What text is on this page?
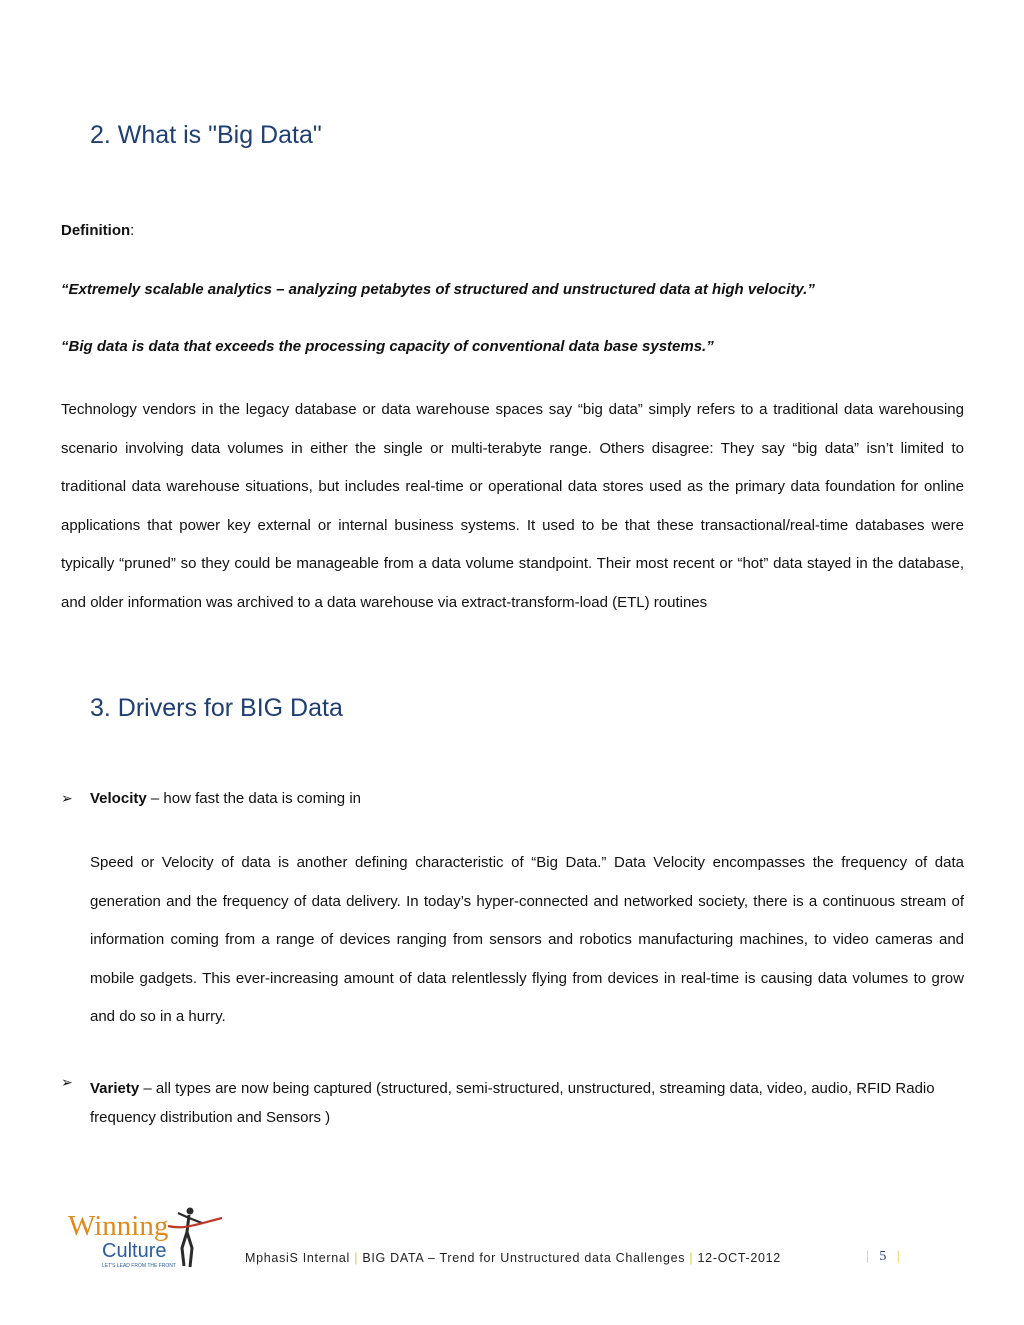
2. What is "Big Data"
Definition:
“Extremely scalable analytics – analyzing petabytes of structured and unstructured data at high velocity.”
“Big data is data that exceeds the processing capacity of conventional data base systems.”
Technology vendors in the legacy database or data warehouse spaces say “big data” simply refers to a traditional data warehousing scenario involving data volumes in either the single or multi-terabyte range. Others disagree: They say “big data” isn’t limited to traditional data warehouse situations, but includes real-time or operational data stores used as the primary data foundation for online applications that power key external or internal business systems. It used to be that these transactional/real-time databases were typically “pruned” so they could be manageable from a data volume standpoint. Their most recent or “hot” data stayed in the database, and older information was archived to a data warehouse via extract-transform-load (ETL) routines
3. Drivers for BIG Data
➢	Velocity – how fast the data is coming in
Speed or Velocity of data is another defining characteristic of “Big Data.” Data Velocity encompasses the frequency of data generation and the frequency of data delivery. In today’s hyper-connected and networked society, there is a continuous stream of information coming from a range of devices ranging from sensors and robotics manufacturing machines, to video cameras and mobile gadgets. This ever-increasing amount of data relentlessly flying from devices in real-time is causing data volumes to grow and do so in a hurry.
➢	Variety – all types are now being captured (structured, semi-structured, unstructured, streaming data, video, audio, RFID Radio frequency distribution and Sensors )
Winning
Culture
LET'S LEAD FROM THE FRONT
MphasiS Internal | BIG DATA – Trend for Unstructured data Challenges | 12-OCT-2012	| 5 |
